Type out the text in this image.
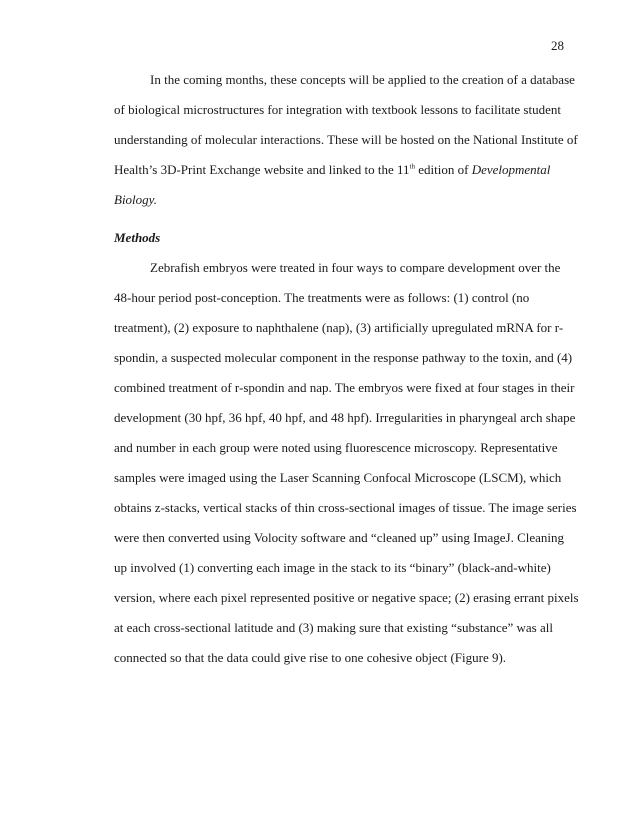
28
In the coming months, these concepts will be applied to the creation of a database
of biological microstructures for integration with textbook lessons to facilitate student
understanding of molecular interactions. These will be hosted on the National Institute of
Health’s 3D-Print Exchange website and linked to the 11th edition of Developmental
Biology.
Methods
Zebrafish embryos were treated in four ways to compare development over the
48-hour period post-conception. The treatments were as follows: (1) control (no
treatment), (2) exposure to naphthalene (nap), (3) artificially upregulated mRNA for r-
spondin, a suspected molecular component in the response pathway to the toxin, and (4)
combined treatment of r-spondin and nap. The embryos were fixed at four stages in their
development (30 hpf, 36 hpf, 40 hpf, and 48 hpf). Irregularities in pharyngeal arch shape
and number in each group were noted using fluorescence microscopy. Representative
samples were imaged using the Laser Scanning Confocal Microscope (LSCM), which
obtains z-stacks, vertical stacks of thin cross-sectional images of tissue. The image series
were then converted using Volocity software and “cleaned up” using ImageJ. Cleaning
up involved (1) converting each image in the stack to its “binary” (black-and-white)
version, where each pixel represented positive or negative space; (2) erasing errant pixels
at each cross-sectional latitude and (3) making sure that existing “substance” was all
connected so that the data could give rise to one cohesive object (Figure 9).
